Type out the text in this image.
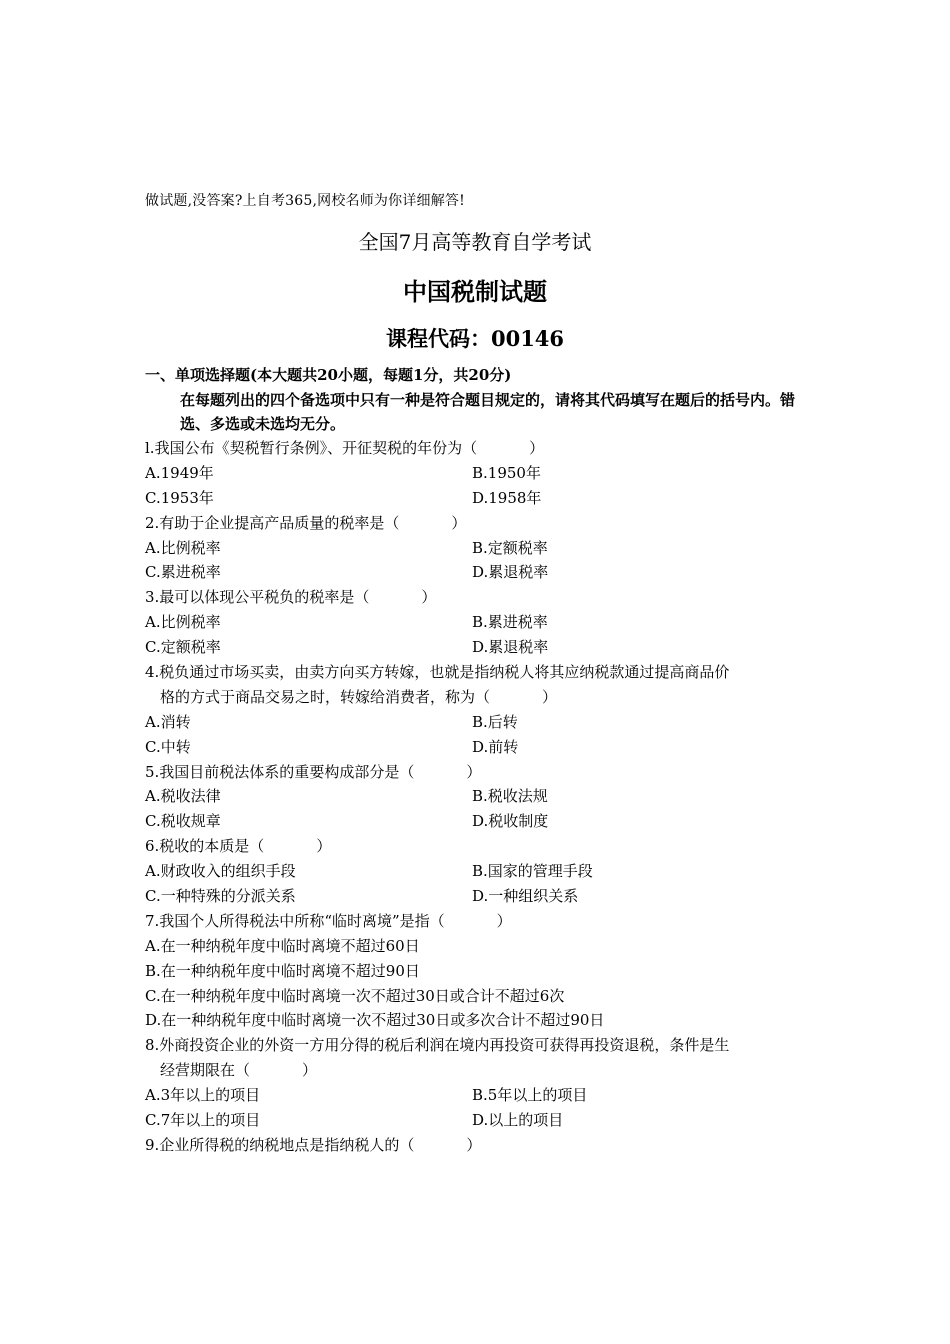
做试题,没答案?上自考365,网校名师为你详细解答!
全国7月高等教育自学考试
中国税制试题
课程代码：00146
一、单项选择题(本大题共20小题，每题1分，共20分)
在每题列出的四个备选项中只有一种是符合题目规定的，请将其代码填写在题后的括号内。错选、多选或未选均无分。
l.我国公布《契税暂行条例》、开征契税的年份为（	）
A.1949年	B.1950年
C.1953年	D.1958年
2.有助于企业提高产品质量的税率是（	）
A.比例税率	B.定额税率
C.累进税率	D.累退税率
3.最可以体现公平税负的税率是（	）
A.比例税率	B.累进税率
C.定额税率	D.累退税率
4.税负通过市场买卖，由卖方向买方转嫁，也就是指纳税人将其应纳税款通过提高商品价
格的方式于商品交易之时，转嫁给消费者，称为（	）
A.消转	B.后转
C.中转	D.前转
5.我国目前税法体系的重要构成部分是（	）
A.税收法律	B.税收法规
C.税收规章	D.税收制度
6.税收的本质是（	）
A.财政收入的组织手段	B.国家的管理手段
C.一种特殊的分派关系	D.一种组织关系
7.我国个人所得税法中所称“临时离境”是指（	）
A.在一种纳税年度中临时离境不超过60日
B.在一种纳税年度中临时离境不超过90日
C.在一种纳税年度中临时离境一次不超过30日或合计不超过6次
D.在一种纳税年度中临时离境一次不超过30日或多次合计不超过90日
8.外商投资企业的外资一方用分得的税后利润在境内再投资可获得再投资退税，条件是生
经营期限在（	）
A.3年以上的项目	B.5年以上的项目
C.7年以上的项目	D.以上的项目
9.企业所得税的纳税地点是指纳税人的（	）
